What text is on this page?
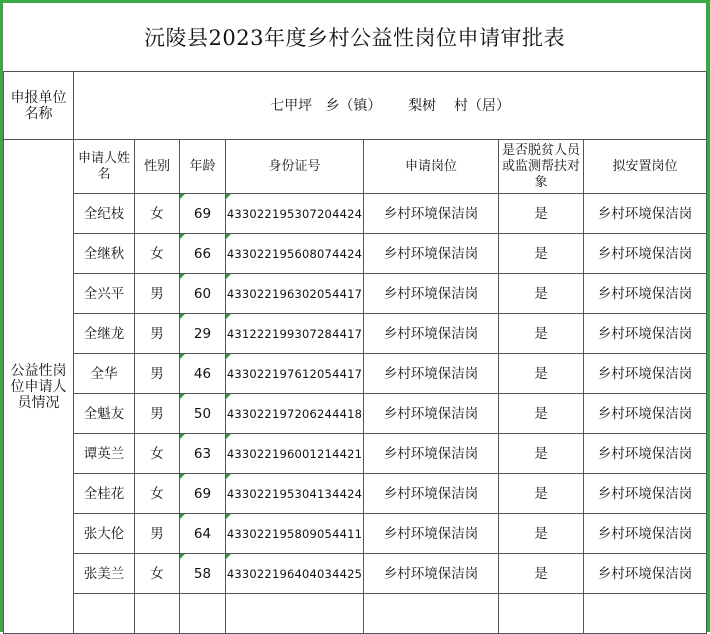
沅陵县2023年度乡村公益性岗位申请审批表
申报单位名称	七甲坪 乡（镇） 梨树 村（居）						
公益性岗位申请人员情况	申请人姓名	性别	年龄	身份证号	申请岗位	是否脱贫人员或监测帮扶对象	拟安置岗位
	全纪枝	女	69	433022195307204424	乡村环境保洁岗	是	乡村环境保洁岗
	全继秋	女	66	433022195608074424	乡村环境保洁岗	是	乡村环境保洁岗
	全兴平	男	60	433022196302054417	乡村环境保洁岗	是	乡村环境保洁岗
	全继龙	男	29	431222199307284417	乡村环境保洁岗	是	乡村环境保洁岗
	全华	男	46	433022197612054417	乡村环境保洁岗	是	乡村环境保洁岗
	全魁友	男	50	433022197206244418	乡村环境保洁岗	是	乡村环境保洁岗
	谭英兰	女	63	433022196001214421	乡村环境保洁岗	是	乡村环境保洁岗
	全桂花	女	69	433022195304134424	乡村环境保洁岗	是	乡村环境保洁岗
	张大伦	男	64	433022195809054411	乡村环境保洁岗	是	乡村环境保洁岗
	张美兰	女	58	433022196404034425	乡村环境保洁岗	是	乡村环境保洁岗
